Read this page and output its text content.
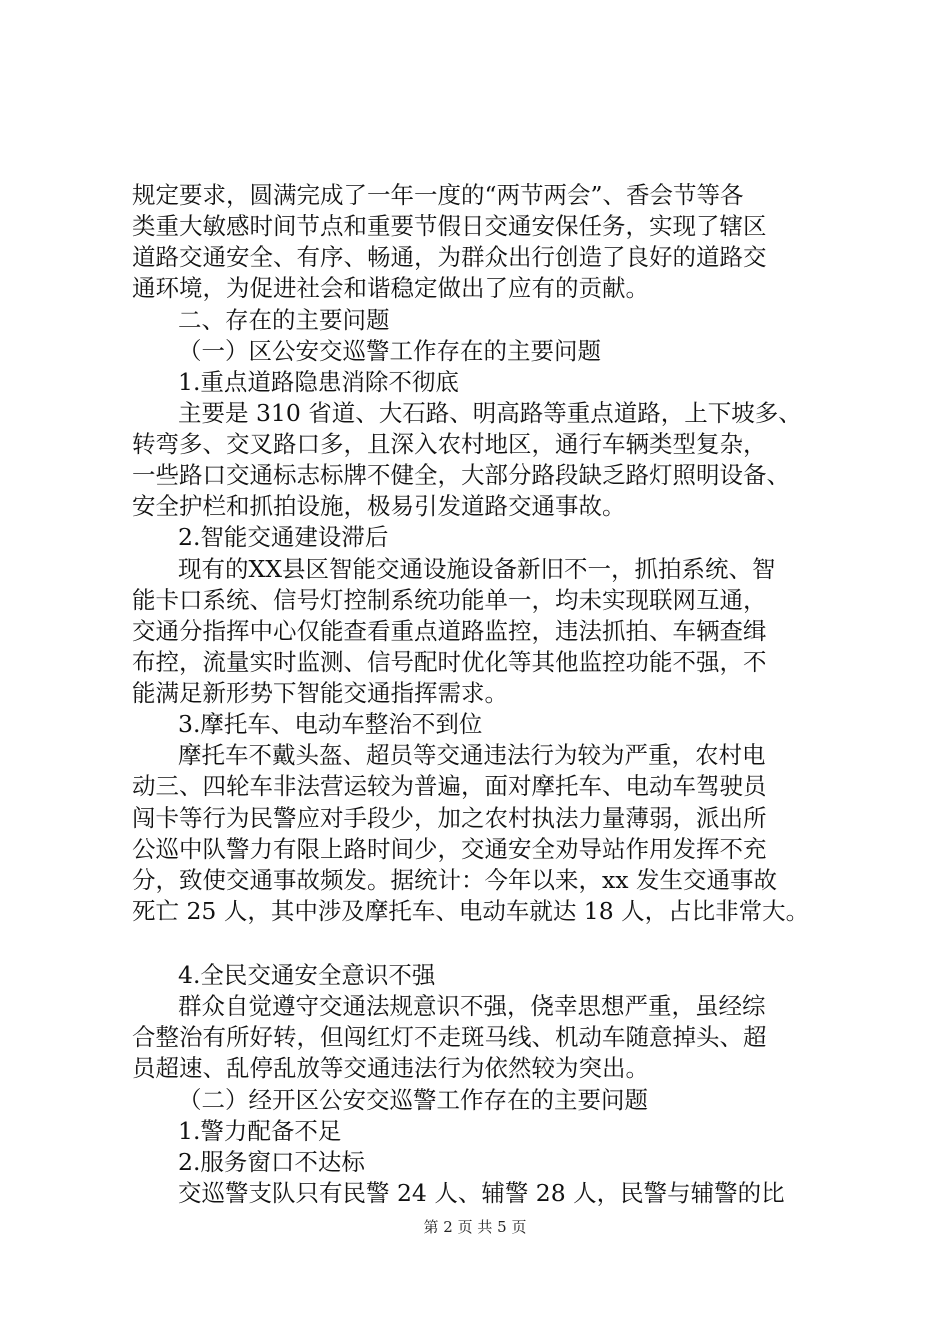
规定要求，圆满完成了一年一度的“两节两会”、香会节等各
类重大敏感时间节点和重要节假日交通安保任务，实现了辖区
道路交通安全、有序、畅通，为群众出行创造了良好的道路交
通环境，为促进社会和谐稳定做出了应有的贡献。
二、存在的主要问题
（一）区公安交巡警工作存在的主要问题
1.重点道路隐患消除不彻底
主要是 310 省道、大石路、明高路等重点道路，上下坡多、
转弯多、交叉路口多，且深入农村地区，通行车辆类型复杂，
一些路口交通标志标牌不健全，大部分路段缺乏路灯照明设备、
安全护栏和抓拍设施，极易引发道路交通事故。
2.智能交通建设滞后
现有的XX县区智能交通设施设备新旧不一，抓拍系统、智
能卡口系统、信号灯控制系统功能单一，均未实现联网互通，
交通分指挥中心仅能查看重点道路监控，违法抓拍、车辆查缉
布控，流量实时监测、信号配时优化等其他监控功能不强，不
能满足新形势下智能交通指挥需求。
3.摩托车、电动车整治不到位
摩托车不戴头盔、超员等交通违法行为较为严重，农村电
动三、四轮车非法营运较为普遍，面对摩托车、电动车驾驶员
闯卡等行为民警应对手段少，加之农村执法力量薄弱，派出所
公巡中队警力有限上路时间少，交通安全劝导站作用发挥不充
分，致使交通事故频发。据统计：今年以来，xx 发生交通事故
死亡 25 人，其中涉及摩托车、电动车就达 18 人，占比非常大。
4.全民交通安全意识不强
群众自觉遵守交通法规意识不强，侥幸思想严重，虽经综
合整治有所好转，但闯红灯不走斑马线、机动车随意掉头、超
员超速、乱停乱放等交通违法行为依然较为突出。
（二）经开区公安交巡警工作存在的主要问题
1.警力配备不足
2.服务窗口不达标
交巡警支队只有民警 24 人、辅警 28 人，民警与辅警的比
第 2 页 共 5 页
